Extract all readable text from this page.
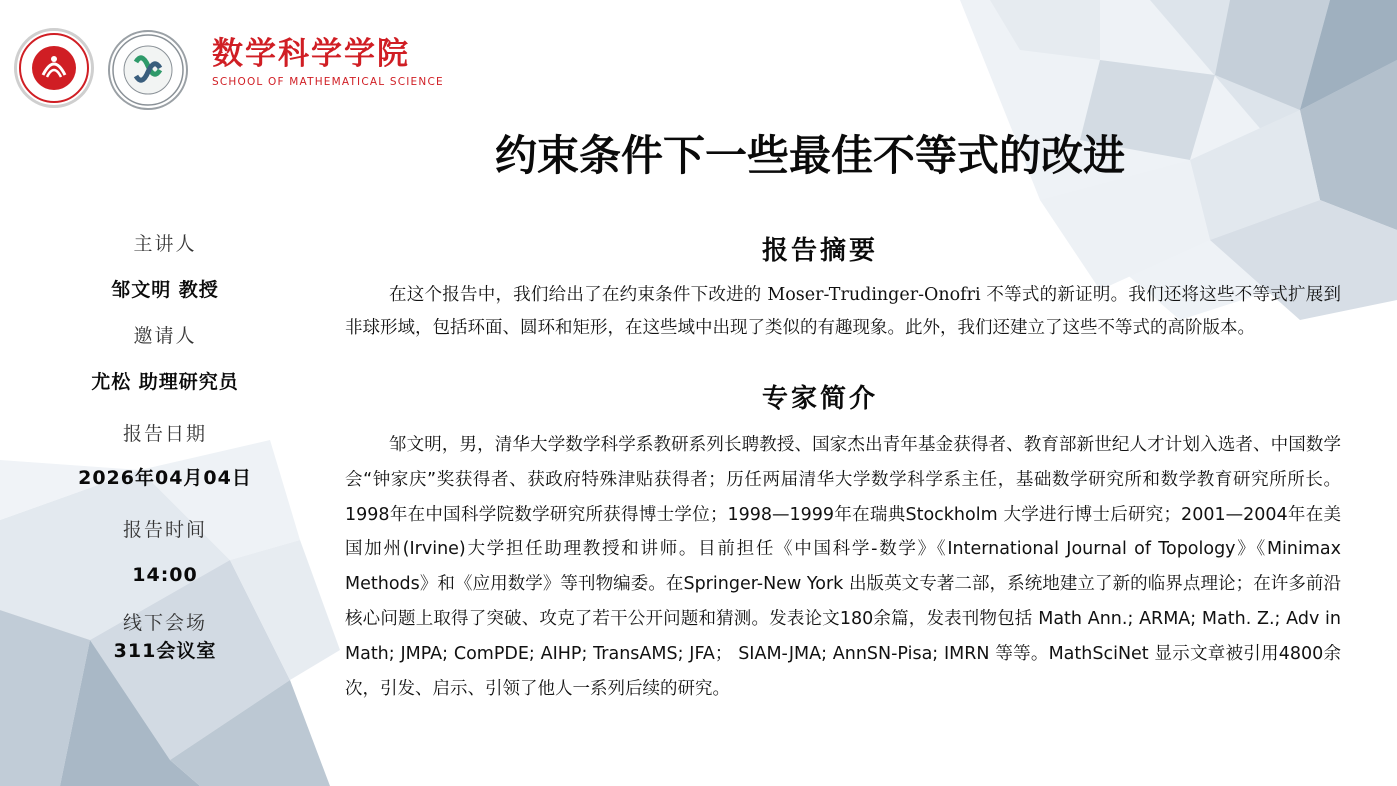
数学科学学院
SCHOOL OF MATHEMATICAL SCIENCE
约束条件下一些最佳不等式的改进
主讲人
邹文明 教授
邀请人
尤松 助理研究员
报告日期
2026年04月04日
报告时间
14:00
线下会场
311会议室
报告摘要
在这个报告中，我们给出了在约束条件下改进的 Moser-Trudinger-Onofri 不等式的新证明。我们还将这些不等式扩展到非球形域，包括环面、圆环和矩形，在这些域中出现了类似的有趣现象。此外，我们还建立了这些不等式的高阶版本。
专家简介
邹文明，男，清华大学数学科学系教研系列长聘教授、国家杰出青年基金获得者、教育部新世纪人才计划入选者、中国数学会“钟家庆”奖获得者、获政府特殊津贴获得者；历任两届清华大学数学科学系主任，基础数学研究所和数学教育研究所所长。1998年在中国科学院数学研究所获得博士学位；1998—1999年在瑞典Stockholm 大学进行博士后研究；2001—2004年在美国加州(Irvine)大学担任助理教授和讲师。目前担任《中国科学-数学》《International Journal of Topology》《Minimax Methods》和《应用数学》等刊物编委。在Springer-New York 出版英文专著二部，系统地建立了新的临界点理论；在许多前沿核心问题上取得了突破、攻克了若干公开问题和猜测。发表论文180余篇，发表刊物包括 Math Ann.; ARMA; Math. Z.; Adv in Math; JMPA; ComPDE; AIHP; TransAMS; JFA； SIAM-JMA; AnnSN-Pisa; IMRN 等等。MathSciNet 显示文章被引用4800余次，引发、启示、引领了他人一系列后续的研究。
